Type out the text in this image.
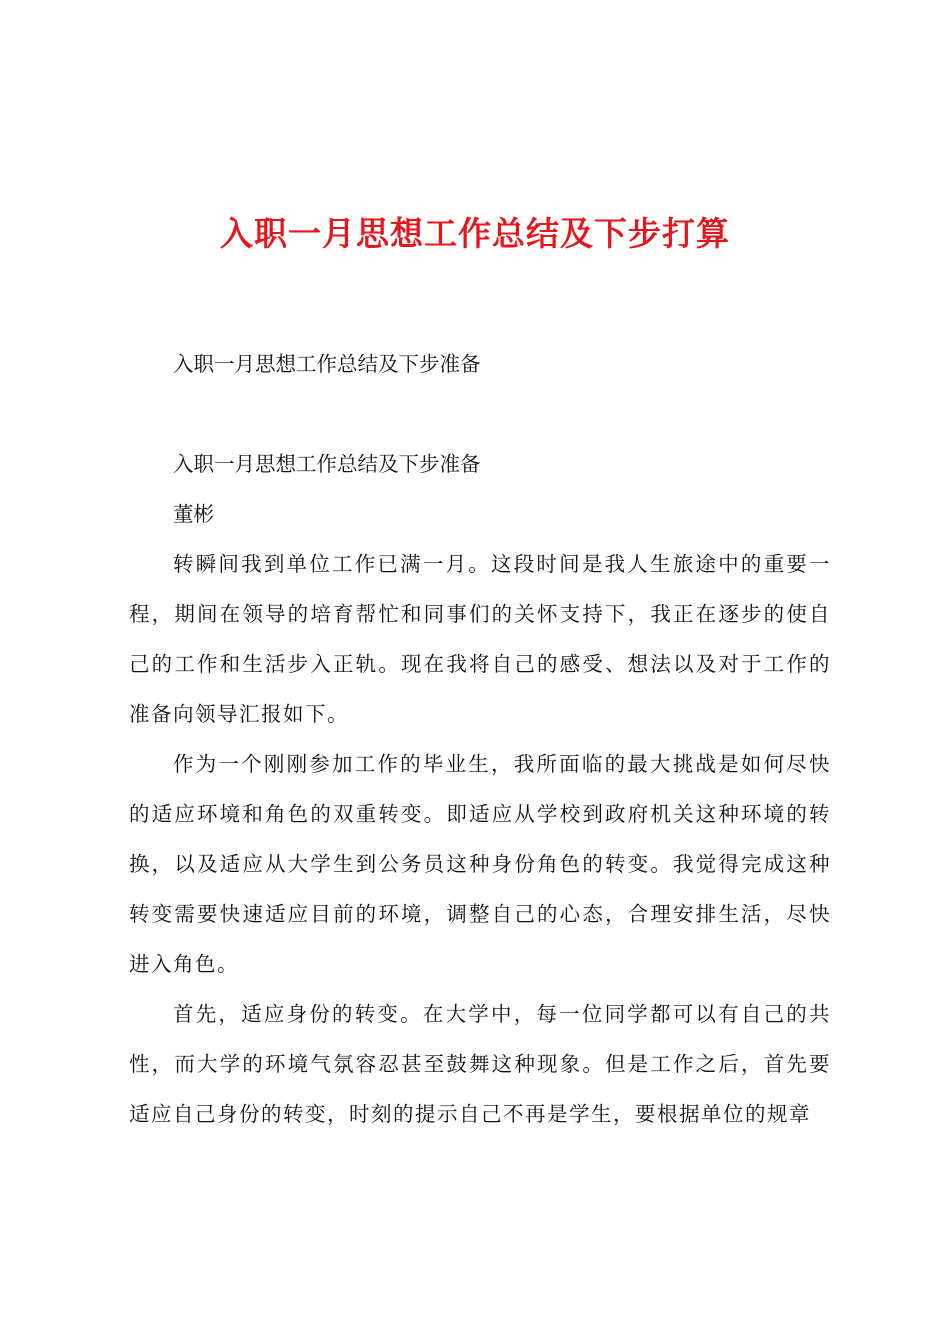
入职一月思想工作总结及下步打算

入职一月思想工作总结及下步准备

入职一月思想工作总结及下步准备

董彬

转瞬间我到单位工作已满一月。这段时间是我人生旅途中的重要一程，期间在领导的培育帮忙和同事们的关怀支持下，我正在逐步的使自己的工作和生活步入正轨。现在我将自己的感受、想法以及对于工作的准备向领导汇报如下。

作为一个刚刚参加工作的毕业生，我所面临的最大挑战是如何尽快的适应环境和角色的双重转变。即适应从学校到政府机关这种环境的转换，以及适应从大学生到公务员这种身份角色的转变。我觉得完成这种转变需要快速适应目前的环境，调整自己的心态，合理安排生活，尽快进入角色。

首先，适应身份的转变。在大学中，每一位同学都可以有自己的共性，而大学的环境气氛容忍甚至鼓舞这种现象。但是工作之后，首先要适应自己身份的转变，时刻的提示自己不再是学生，要根据单位的规章
